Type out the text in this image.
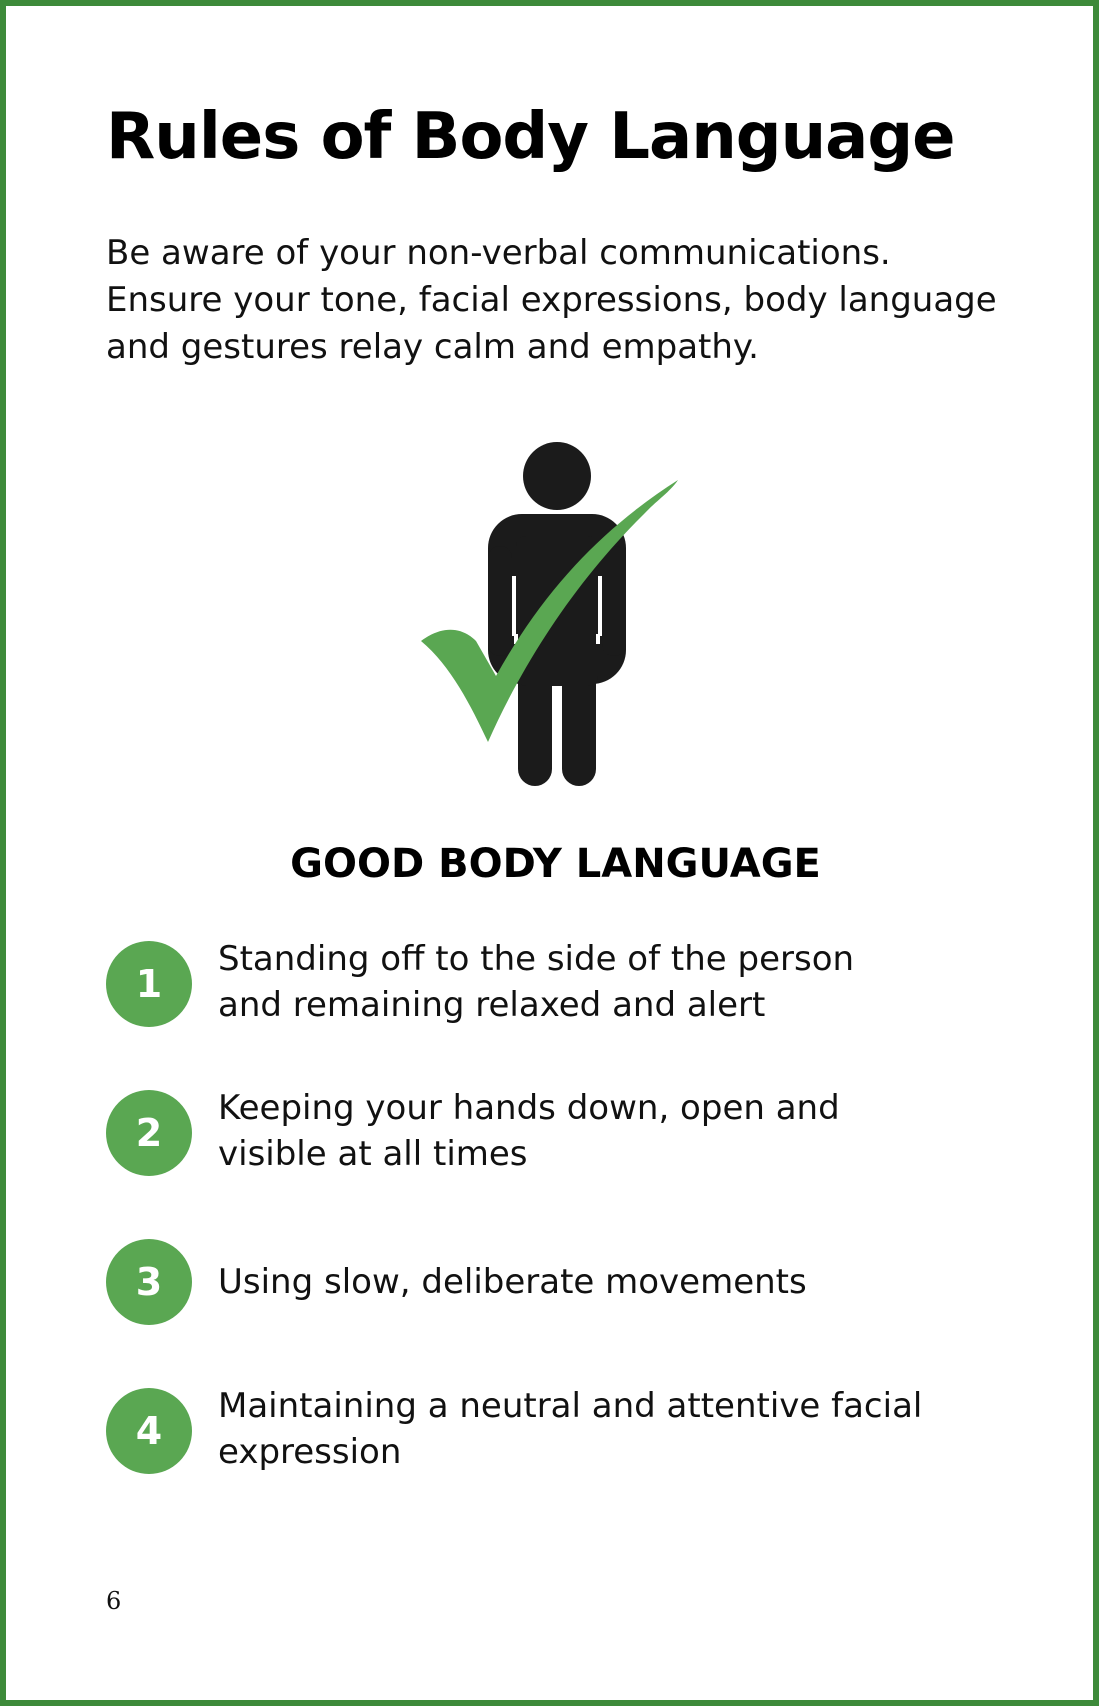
Rules of Body Language

Be aware of your non-verbal communications.
Ensure your tone, facial expressions, body language
and gestures relay calm and empathy.

GOOD BODY LANGUAGE
1
Standing off to the side of the person
and remaining relaxed and alert
2
Keeping your hands down, open and
visible at all times
3	Using slow, deliberate movements
4
Maintaining a neutral and attentive facial
expression
6
